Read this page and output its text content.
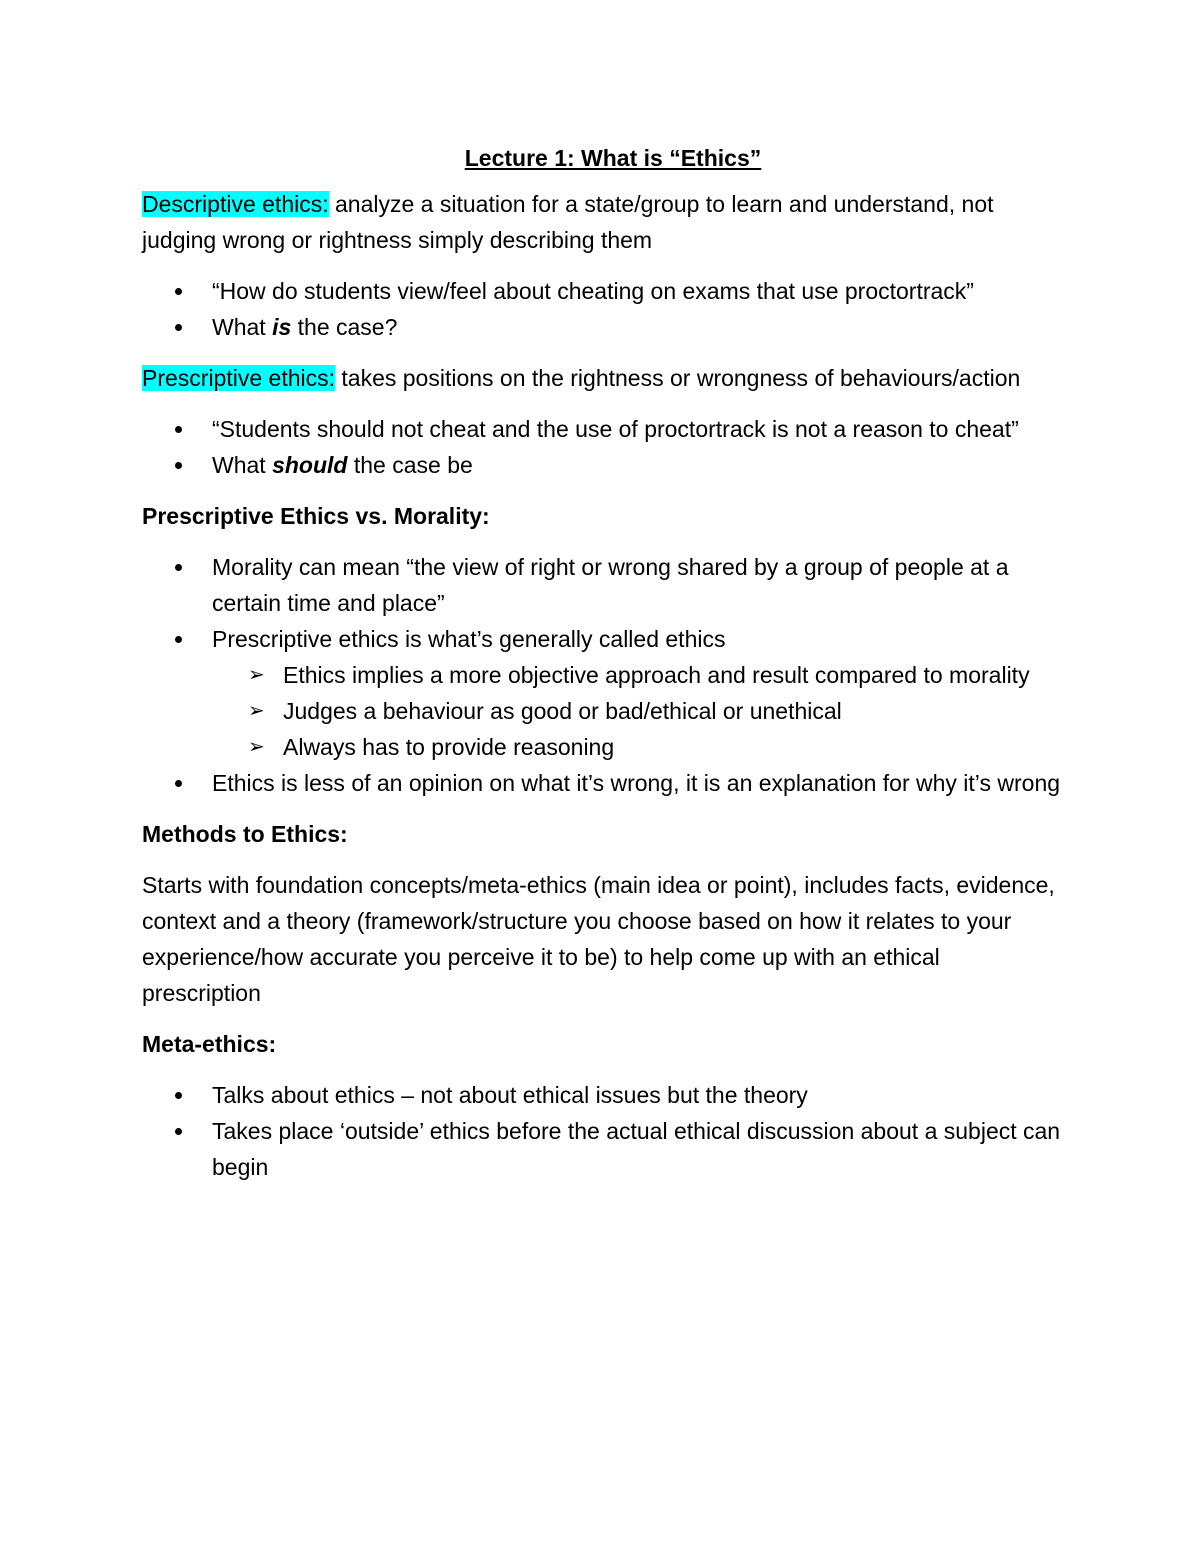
Lecture 1: What is “Ethics”

Descriptive ethics: analyze a situation for a state/group to learn and understand, not judging wrong or rightness simply describing them

“How do students view/feel about cheating on exams that use proctortrack”
What is the case?

Prescriptive ethics: takes positions on the rightness or wrongness of behaviours/action

“Students should not cheat and the use of proctortrack is not a reason to cheat”
What should the case be

Prescriptive Ethics vs. Morality:

Morality can mean “the view of right or wrong shared by a group of people at a certain time and place”
Prescriptive ethics is what’s generally called ethics
➢ Ethics implies a more objective approach and result compared to morality
➢ Judges a behaviour as good or bad/ethical or unethical
➢ Always has to provide reasoning
Ethics is less of an opinion on what it’s wrong, it is an explanation for why it’s wrong

Methods to Ethics:

Starts with foundation concepts/meta-ethics (main idea or point), includes facts, evidence, context and a theory (framework/structure you choose based on how it relates to your experience/how accurate you perceive it to be) to help come up with an ethical prescription

Meta-ethics:

Talks about ethics – not about ethical issues but the theory
Takes place ‘outside’ ethics before the actual ethical discussion about a subject can begin
